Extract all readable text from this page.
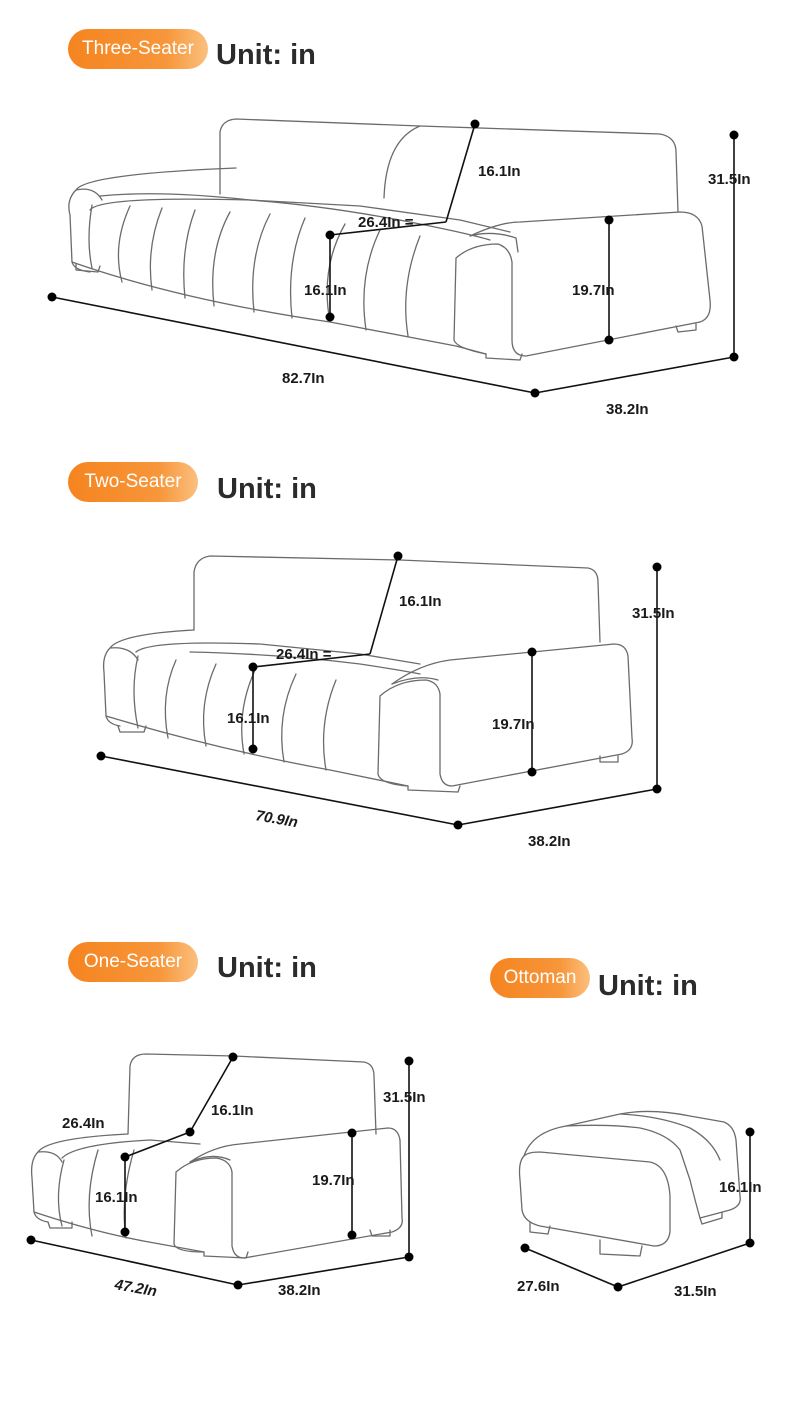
Three-Seater Unit: in
Two-Seater	Unit: in
One-Seater	Unit: in	Ottoman Unit: in
82.7In
38.2In
31.5In
16.1In
26.4In =
16.1In	19.7In
70.9In
38.2In
31.5In
16.1In
26.4In =
16.1In	19.7In
47.2In	38.2In
31.5In
16.1In
26.4In
16.1In
19.7In
27.6In	31.5In
16.1In
